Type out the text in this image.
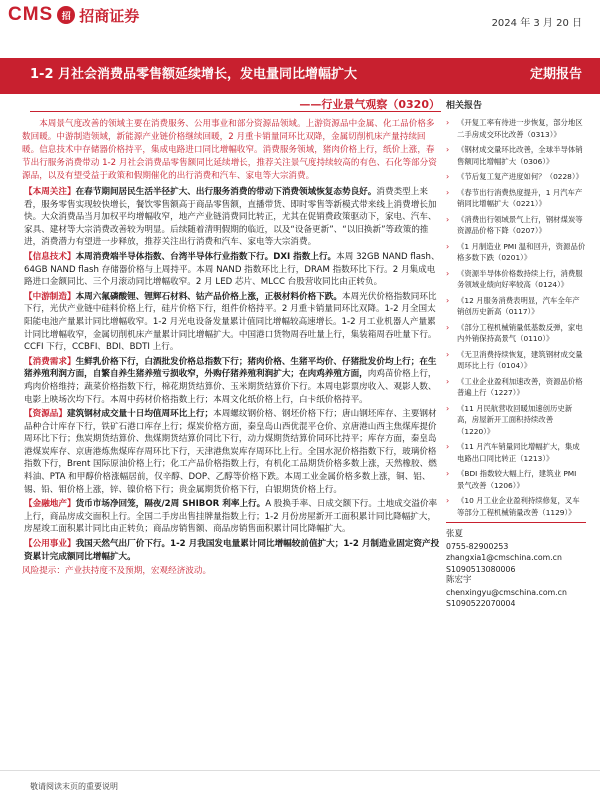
CMS 招 招商证券	2024 年 3 月 20 日
1-2 月社会消费品零售额延续增长，发电量同比增幅扩大	定期报告
——行业景气观察（0320）

本周景气度改善的领域主要在消费服务、公用事业和部分资源品领域。上游资源品中金属、化工品价格多数回暖。中游制造领域，新能源产业链价格继续回暖，2 月重卡销量同环比双降，金属切削机床产量持续回暖。信息技术中存储器价格持平，集成电路进口同比增幅收窄。消费服务领域，猪肉价格上行，纸价上涨，春节出行服务消费带动 1-2 月社会消费品零售额同比延续增长，推荐关注景气度持续较高的有色、石化等部分资源品，以及有望受益于政策和假期催化的出行消费和汽车、家电等大宗消费。

【本周关注】在春节期间居民生活半径扩大、出行服务消费的带动下消费领域恢复态势良好。消费类型上来看，服务零售实现较快增长，餐饮零售额高于商品零售额，直播带货、即时零售等新模式带来线上消费增长加快。大众消费品当月加权平均增幅收窄，地产产业链消费同比转正，尤其在促销费政策驱动下，家电、汽车、家具、建材等大宗消费改善较为明显。后续随着清明假期的临近，以及“设备更新”、“以旧换新”等政策的推进，消费潜力有望进一步释放，推荐关注出行消费和汽车、家电等大宗消费。

【信息技术】本周消费端半导体指数、台湾半导体行业指数下行。DXI 指数上行。本周 32GB NAND flash、64GB NAND flash 存储器价格与上周持平。本周 NAND 指数环比上行，DRAM 指数环比下行。2 月集成电路进口金额同比、三个月滚动同比增幅收窄。2 月 LED 芯片、MLCC 台股营收同比由正转负。

【中游制造】本周六氟磷酸锂、锂辉石材料、钴产品价格上涨，正极材料价格下跌。本周光伏价格指数同环比下行，光伏产业链中硅料价格上行，硅片价格下行，组件价格持平。2 月重卡销量同环比双降。1-2 月全国太阳能电池产量累计同比增幅收窄。1-2 月光电设备发量累计值同比增幅较高速增长。1-2 月工业机器人产量累计同比增幅收窄，金属切削机床产量累计同比增幅扩大。中国港口货物周吞吐量上行，集装箱周吞吐量下行。CCFI 下行，CCBFI、BDI、BDTI 上行。

【消费需求】生鲜乳价格下行，白酒批发价格总指数下行；猪肉价格、生猪平均价、仔猪批发价均上行；在生猪养殖利润方面，自繁自养生猪养殖亏损收窄，外购仔猪养殖利润扩大；在肉鸡养殖方面，肉鸡苗价格上行，鸡肉价格维持；蔬菜价格指数下行，棉花期货结算价、玉米期货结算价下行。本周电影票房收入、观影人数、电影上映场次均下行。本周中药材价格指数上行；本周文化纸价格上行，白卡纸价格持平。

【资源品】建筑钢材成交量十日均值周环比上行；本周螺纹钢价格、钢坯价格下行；唐山钢坯库存、主要钢材品种合计库存下行，铁矿石港口库存上行；煤炭价格方面，秦皇岛山西优混平仓价、京唐港山西主焦煤库提价周环比下行；焦炭期货结算价、焦煤期货结算价同比下行，动力煤期货结算价同环比持平；库存方面，秦皇岛港煤炭库存、京唐港炼焦煤库存周环比下行，天津港焦炭库存周环比上行。全国水泥价格指数下行，玻璃价格指数下行，Brent 国际原油价格上行；化工产品价格指数上行，有机化工品期货价格多数上涨，天然橡胶、燃料油、PTA 和甲醇价格涨幅居前，仅辛醇、DOP、乙醇等价格下跌。本周工业金属价格多数上涨，铜、铝、锡、铅、钼价格上涨，锌、镍价格下行；贵金属期货价格下行，白银期货价格上行。

【金融地产】货币市场净回笼，隔夜/2周 SHIBOR 利率上行。A 股换手率、日成交额下行。土地成交溢价率上行，商品房成交面积上行。全国二手房出售挂牌量指数上行；1-2 月份房屋新开工面积累计同比降幅扩大，房屋竣工面积累计同比由正转负；商品房销售额、商品房销售面积累计同比降幅扩大。

【公用事业】我国天然气出厂价下行。1-2 月我国发电量累计同比增幅较前值扩大；1-2 月制造业固定资产投资累计完成额同比增幅扩大。

风险提示：产业扶持度不及预期，宏观经济波动。

相关报告
›	《开复工率有待进一步恢复，部分地区二手房成交环比改善（0313）》
›	《钢材成交量环比改善，全球半导体销售额同比增幅扩大（0306）》
›	《节后复工复产进度如何？（0228）》
›	《春节出行消费热度提升，1 月汽车产销同比增幅扩大（0221）》
›	《消费出行领域景气上行，钢材煤炭等资源品价格下降（0207）》
›	《1 月制造业 PMI 温和回升，资源品价格多数下跌（0201）》
›	《资源半导体价格数持续上行，消费服务领域业绩向好率较高（0124）》
›	《12 月服务消费表明显，汽车全年产销创历史新高（0117）》
›	《部分工程机械销量低基数反弹，家电内外销保持高景气（0110）》
›	《无卫消费持续恢复，建筑钢材成交量周环比上行（0104）》
›	《工业企业盈利加速改善，资源品价格普遍上行（1227）》
›	《11 月民航营收回暖加速创历史新高，房屋新开工面积持续改善（1220）》
›	《11 月汽车销量同比增幅扩大，集成电路出口同比转正（1213）》
›	《BDI 指数较大幅上行，建筑业 PMI 景气改善（1206）》
›	《10 月工业企业盈利持续修复，叉车等部分工程机械销量改善（1129）》
张夏
0755-82900253
zhangxia1@cmschina.com.cn
S1090513080006
陈宏宇
chenxingyu@cmschina.com.cn
S1090522070004
敬请阅读末页的重要说明
